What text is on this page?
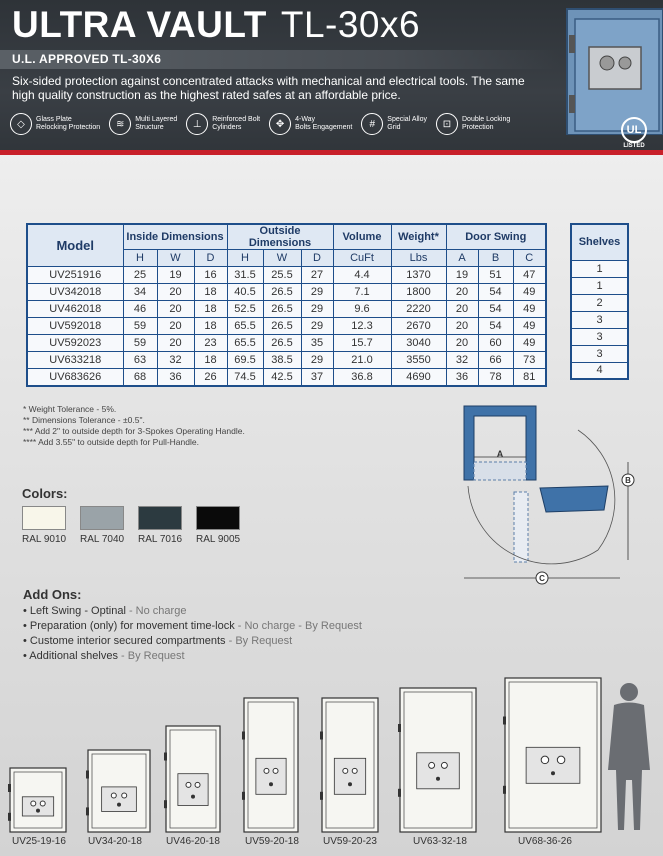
ULTRA VAULT TL-30x6
U.L. APPROVED TL-30X6
Six-sided protection against concentrated attacks with mechanical and electrical tools. The same high quality construction as the highest rated safes at an affordable price.
◇	Glass Plate
Relocking Protection	≋	Multi Layered
Structure	⊥	Reinforced Bolt
Cylinders	✥	4-Way
Bolts Engagement	#	Special Alloy
Grid	⊡	Double Locking
Protection	UL
LISTED
Model	Inside Dimensions			Outside Dimensions			Volume	Weight*	Door Swing		
	H	W	D	H	W	D	CuFt	Lbs	A	B	C
UV251916	25	19	16	31.5	25.5	27	4.4	1370	19	51	47
UV342018	34	20	18	40.5	26.5	29	7.1	1800	20	54	49
UV462018	46	20	18	52.5	26.5	29	9.6	2220	20	54	49
UV592018	59	20	18	65.5	26.5	29	12.3	2670	20	54	49
UV592023	59	20	23	65.5	26.5	35	15.7	3040	20	60	49
UV633218	63	32	18	69.5	38.5	29	21.0	3550	32	66	73
UV683626	68	36	26	74.5	42.5	37	36.8	4690	36	78	81
Shelves
1
1
2
3
3
3
4
* Weight Tolerance - 5%.
** Dimensions Tolerance - ±0.5".
*** Add 2" to outside depth for 3-Spokes Operating Handle.
**** Add 3.55" to outside depth for Pull-Handle.
A
C
B
Colors:
RAL 9010 RAL 7040 RAL 7016 RAL 9005
Add Ons:
• Left Swing - Optinal - No charge
• Preparation (only) for movement time-lock - No charge - By Request
• Custome interior secured compartments - By Request
• Additional shelves - By Request
UV25-19-16 UV34-20-18 UV46-20-18	UV59-20-18 UV59-20-23	UV63-32-18	UV68-36-26
